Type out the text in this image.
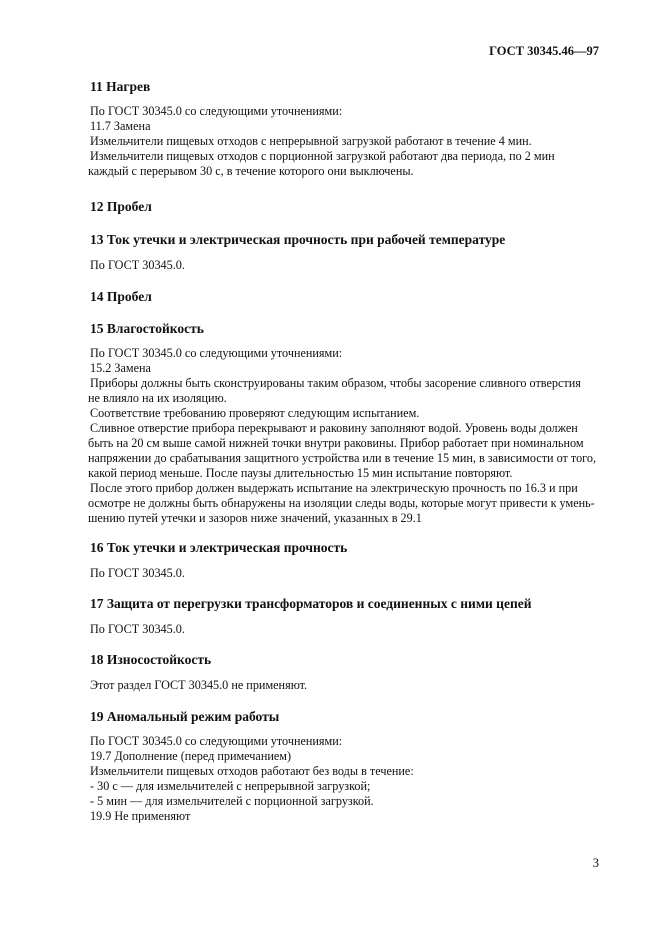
ГОСТ 30345.46—97
11 Нагрев
По ГОСТ 30345.0 со следующими уточнениями:
11.7 Замена
Измельчители пищевых отходов с непрерывной загрузкой работают в течение 4 мин.
Измельчители пищевых отходов с порционной загрузкой работают два периода, по 2 мин
каждый с перерывом 30 с, в течение которого они выключены.
12 Пробел
13 Ток утечки и электрическая прочность при рабочей температуре
По ГОСТ 30345.0.
14 Пробел
15 Влагостойкость
По ГОСТ 30345.0 со следующими уточнениями:
15.2 Замена
Приборы должны быть сконструированы таким образом, чтобы засорение сливного отверстия
не влияло на их изоляцию.
Соответствие требованию проверяют следующим испытанием.
Сливное отверстие прибора перекрывают и раковину заполняют водой. Уровень воды должен
быть на 20 см выше самой нижней точки внутри раковины. Прибор работает при номинальном
напряжении до срабатывания защитного устройства или в течение 15 мин, в зависимости от того,
какой период меньше. После паузы длительностью 15 мин испытание повторяют.
После этого прибор должен выдержать испытание на электрическую прочность по 16.3 и при
осмотре не должны быть обнаружены на изоляции следы воды, которые могут привести к умень-
шению путей утечки и зазоров ниже значений, указанных в 29.1
16 Ток утечки и электрическая прочность
По ГОСТ 30345.0.
17 Защита от перегрузки трансформаторов и соединенных с ними цепей
По ГОСТ 30345.0.
18 Износостойкость
Этот раздел ГОСТ 30345.0 не применяют.
19 Аномальный режим работы
По ГОСТ 30345.0 со следующими уточнениями:
19.7 Дополнение (перед примечанием)
Измельчители пищевых отходов работают без воды в течение:
- 30 с — для измельчителей с непрерывной загрузкой;
- 5 мин — для измельчителей с порционной загрузкой.
19.9 Не применяют
3
